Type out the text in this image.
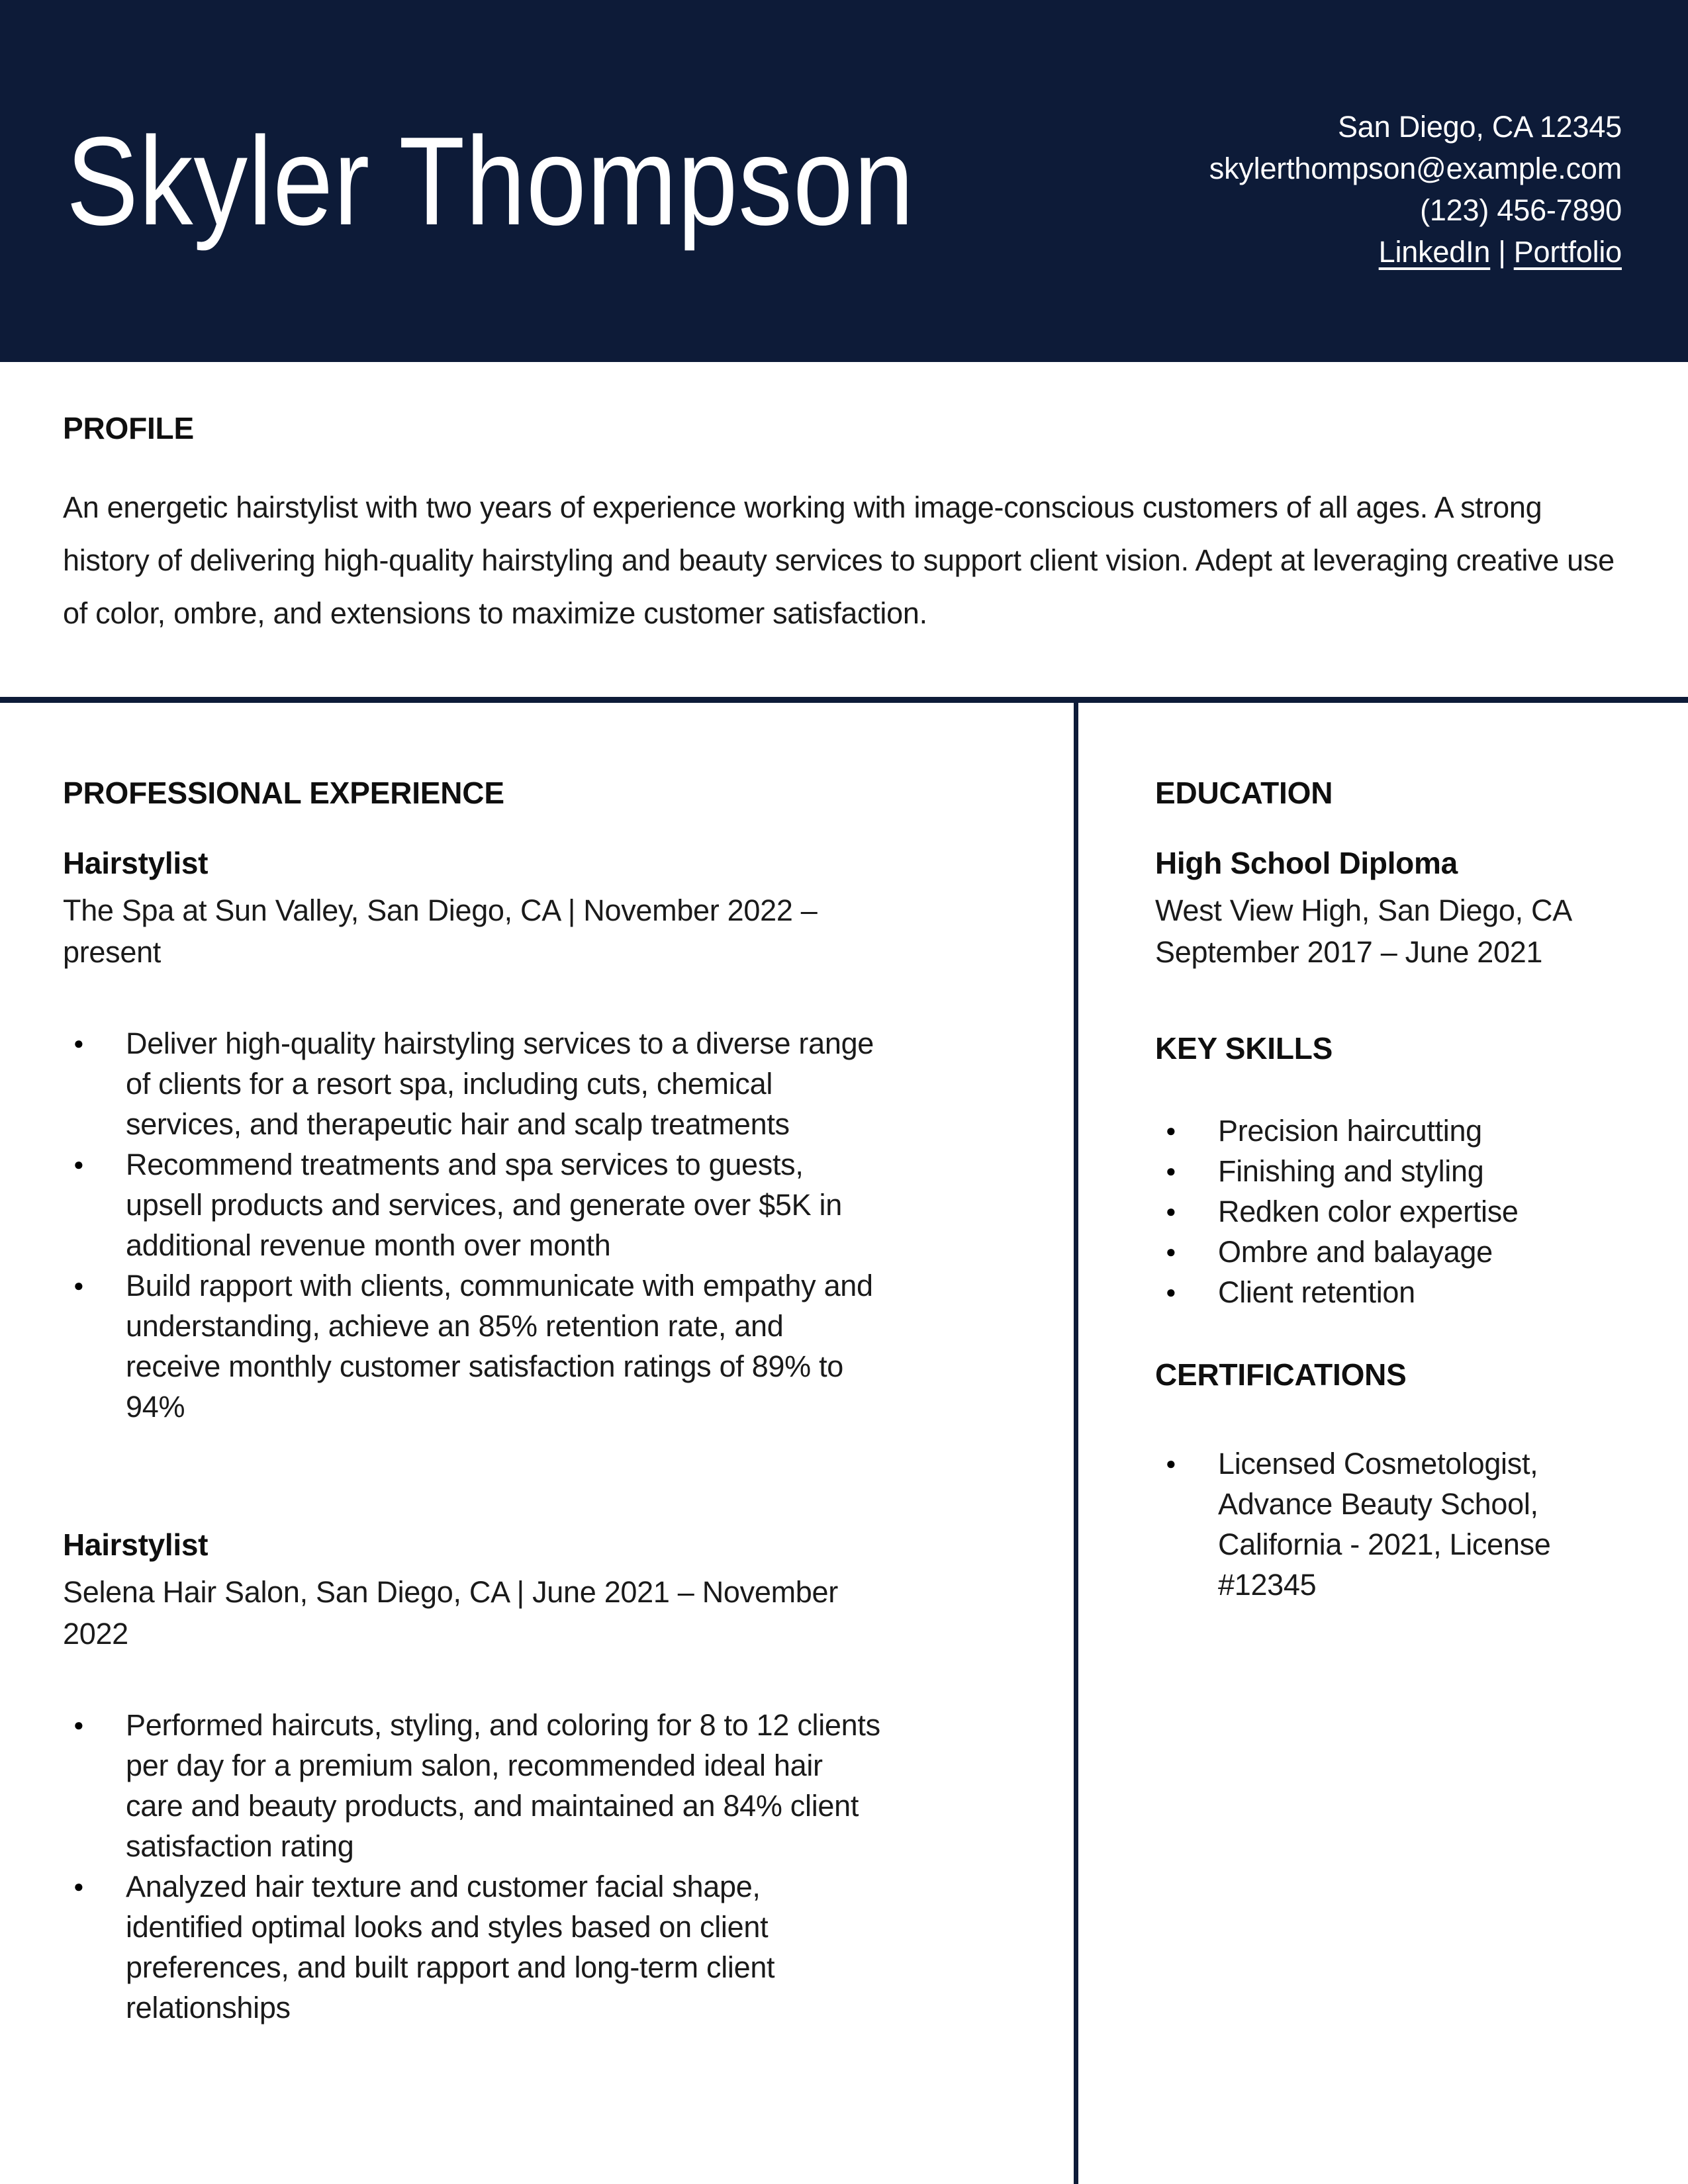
Skyler Thompson	San Diego, CA 12345
skylerthompson@example.com
(123) 456-7890
LinkedIn | Portfolio
PROFILE

An energetic hairstylist with two years of experience working with image-conscious customers of all ages. A strong history of delivering high-quality hairstyling and beauty services to support client vision. Adept at leveraging creative use of color, ombre, and extensions to maximize customer satisfaction.

PROFESSIONAL EXPERIENCE
Hairstylist
The Spa at Sun Valley, San Diego, CA | November 2022 – present
● Deliver high-quality hairstyling services to a diverse range of clients for a resort spa, including cuts, chemical services, and therapeutic hair and scalp treatments
● Recommend treatments and spa services to guests, upsell products and services, and generate over $5K in additional revenue month over month
● Build rapport with clients, communicate with empathy and understanding, achieve an 85% retention rate, and receive monthly customer satisfaction ratings of 89% to 94%
Hairstylist
Selena Hair Salon, San Diego, CA | June 2021 – November 2022
● Performed haircuts, styling, and coloring for 8 to 12 clients per day for a premium salon, recommended ideal hair care and beauty products, and maintained an 84% client satisfaction rating
● Analyzed hair texture and customer facial shape, identified optimal looks and styles based on client preferences, and built rapport and long-term client relationships
EDUCATION
High School Diploma
West View High, San Diego, CA
September 2017 – June 2021
KEY SKILLS
● Precision haircutting
● Finishing and styling
● Redken color expertise
● Ombre and balayage
● Client retention
CERTIFICATIONS
● Licensed Cosmetologist, Advance Beauty School, California - 2021, License #12345
